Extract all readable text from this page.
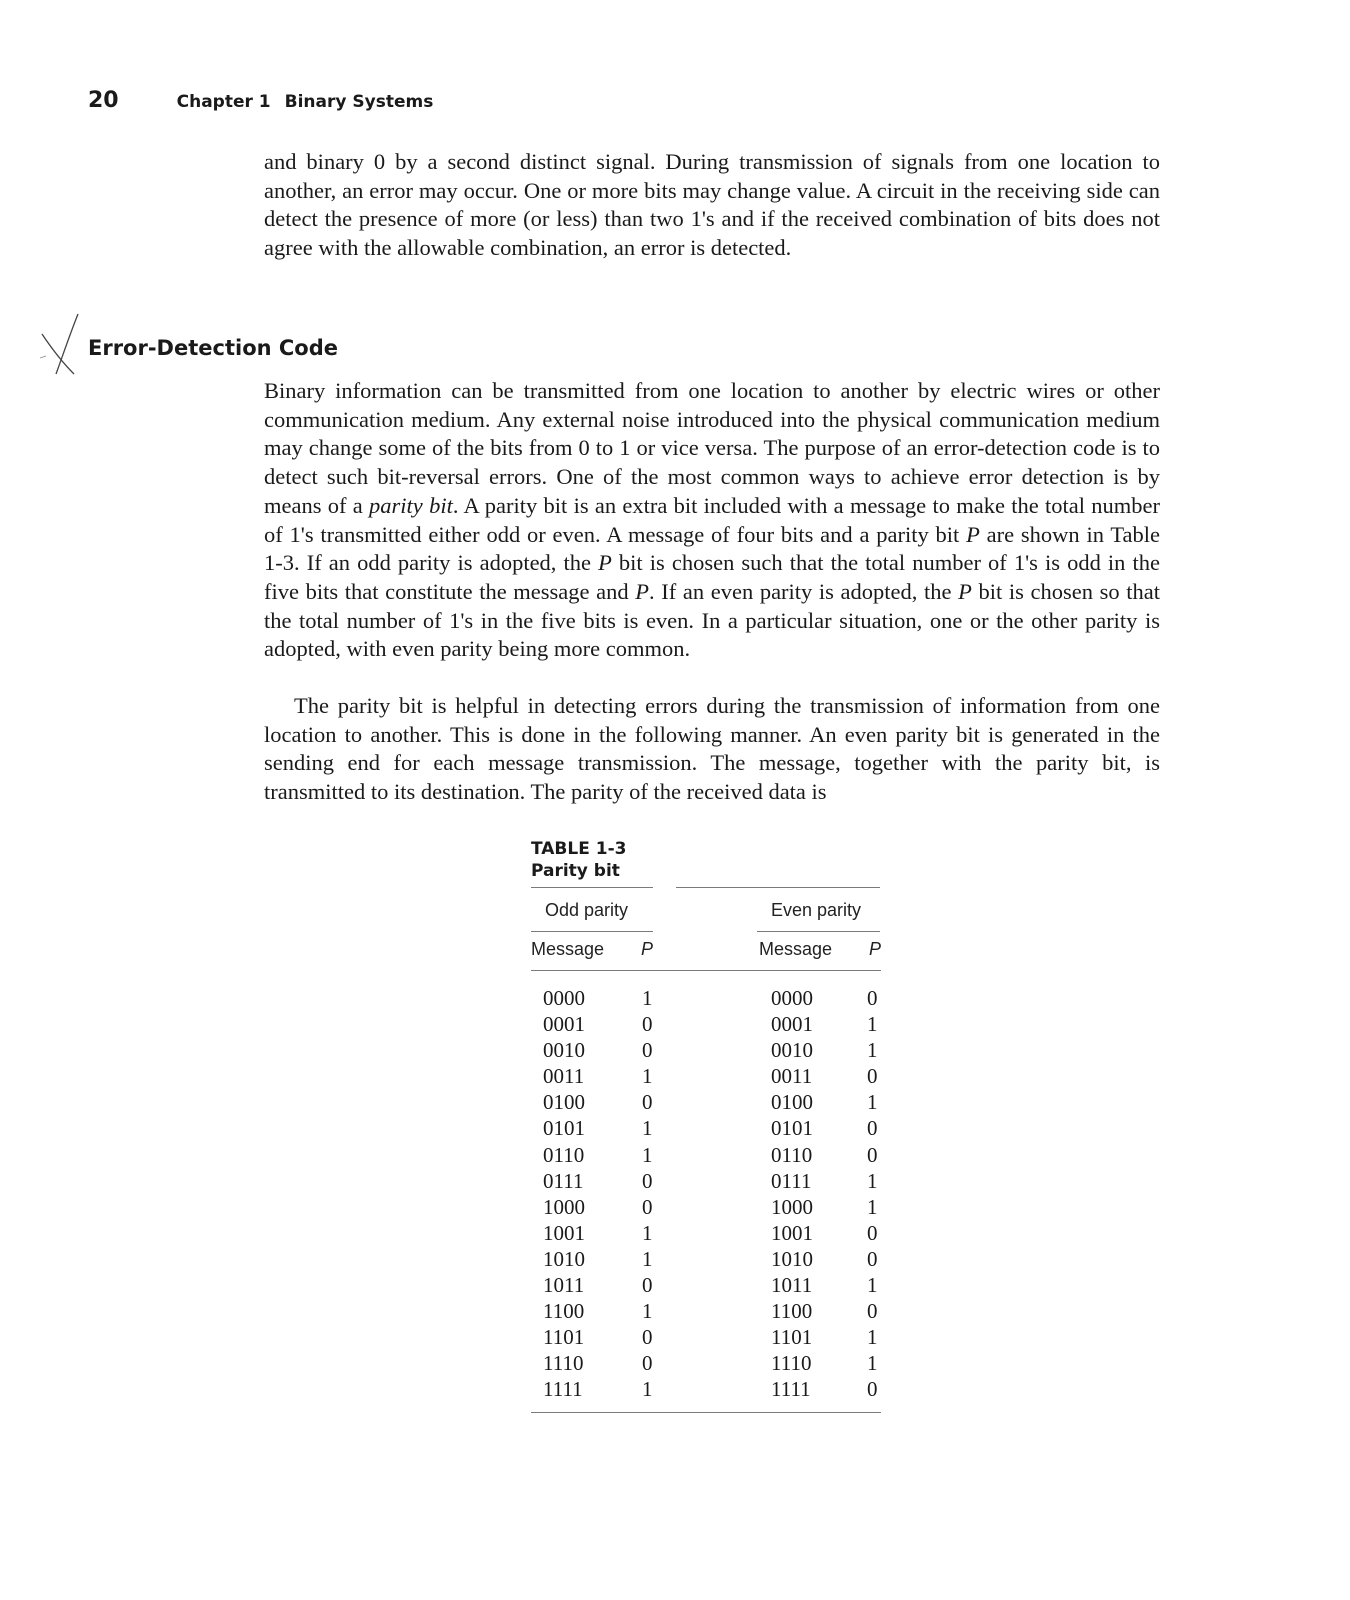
20	Chapter 1 Binary Systems

and binary 0 by a second distinct signal. During transmission of signals from one location to another, an error may occur. One or more bits may change value. A circuit in the receiving side can detect the presence of more (or less) than two 1's and if the received combination of bits does not agree with the allowable combination, an error is detected.

Error-Detection Code

Binary information can be transmitted from one location to another by electric wires or other communication medium. Any external noise introduced into the physical communication medium may change some of the bits from 0 to 1 or vice versa. The purpose of an error-detection code is to detect such bit-reversal errors. One of the most common ways to achieve error detection is by means of a parity bit. A parity bit is an extra bit included with a message to make the total number of 1's transmitted either odd or even. A message of four bits and a parity bit P are shown in Table 1-3. If an odd parity is adopted, the P bit is chosen such that the total number of 1's is odd in the five bits that constitute the message and P. If an even parity is adopted, the P bit is chosen so that the total number of 1's in the five bits is even. In a particular situation, one or the other parity is adopted, with even parity being more common.

The parity bit is helpful in detecting errors during the transmission of information from one location to another. This is done in the following manner. An even parity bit is generated in the sending end for each message transmission. The message, together with the parity bit, is transmitted to its destination. The parity of the received data is

TABLE 1-3
Parity bit
Odd parity	Even parity
Message P	Message P
0000	1	0000	0
0001	0	0001	1
0010	0	0010	1
0011	1	0011	0
0100	0	0100	1
0101	1	0101	0
0110	1	0110	0
0111	0	0111	1
1000	0	1000	1
1001	1	1001	0
1010	1	1010	0
1011	0	1011	1
1100	1	1100	0
1101	0	1101	1
1110	0	1110	1
1111	1	1111	0
